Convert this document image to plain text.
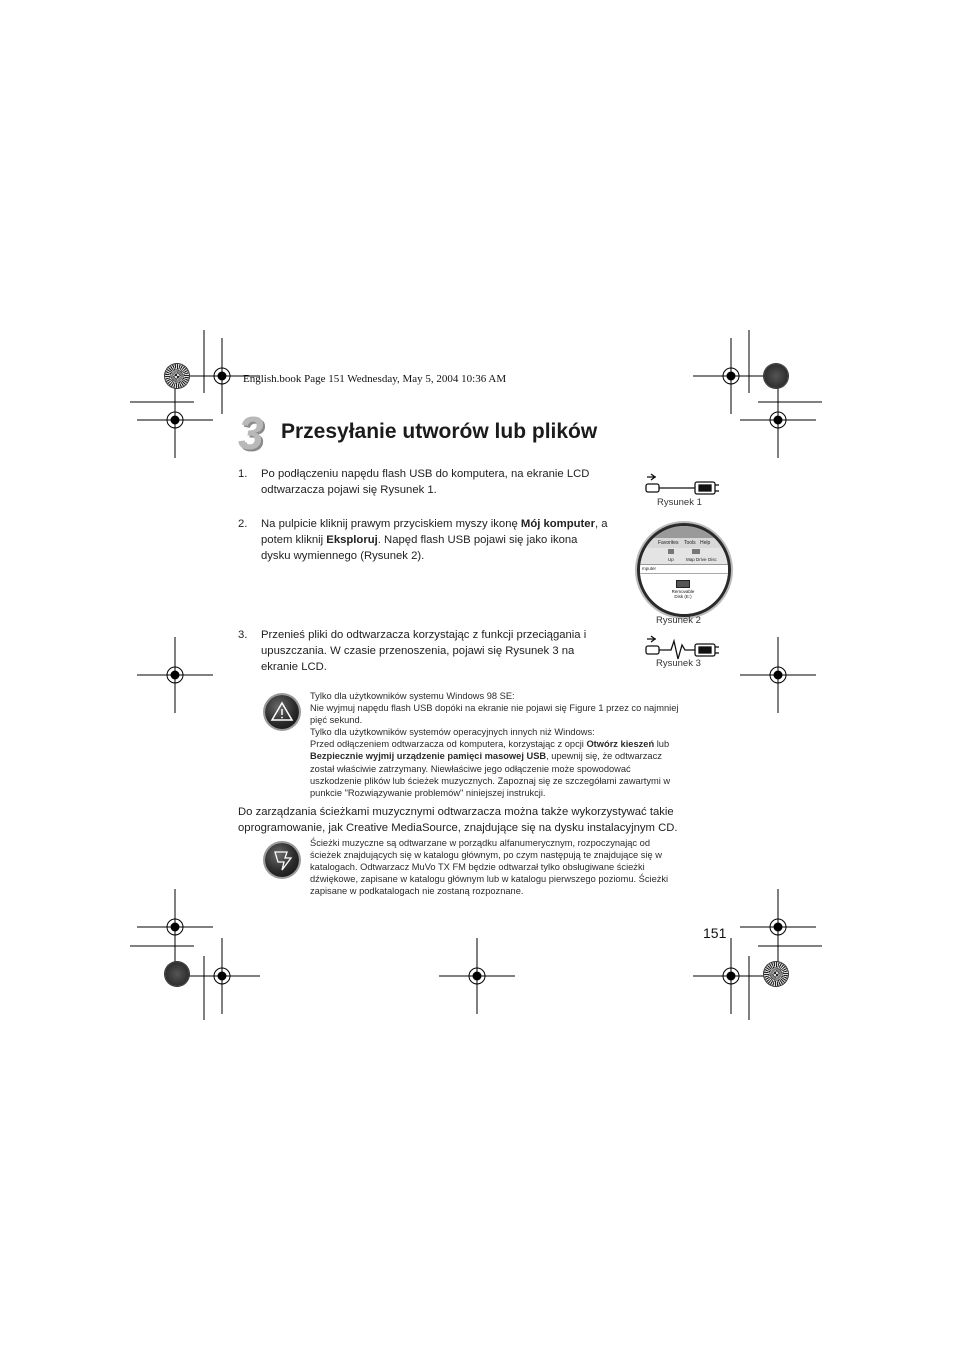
English.book Page 151 Wednesday, May 5, 2004 10:36 AM
3 Przesyłanie utworów lub plików
1. Po podłączeniu napędu flash USB do komputera, na ekranie LCD
odtwarzacza pojawi się Rysunek 1.
2. Na pulpicie kliknij prawym przyciskiem myszy ikonę Mój komputer, a
potem kliknij Eksploruj. Napęd flash USB pojawi się jako ikona
dysku wymiennego (Rysunek 2).
3. Przenieś pliki do odtwarzacza korzystając z funkcji przeciągania i
upuszczania. W czasie przenoszenia, pojawi się Rysunek 3 na
ekranie LCD.
Rysunek 1
Favorites Tools Help
Up	Map Drive Disc
mputer
Removable
Disk (E:)
Rysunek 2
Rysunek 3
Tylko dla użytkowników systemu Windows 98 SE:
Nie wyjmuj napędu flash USB dopóki na ekranie nie pojawi się Figure 1 przez co najmniej
pięć sekund.
Tylko dla użytkowników systemów operacyjnych innych niż Windows:
Przed odłączeniem odtwarzacza od komputera, korzystając z opcji Otwórz kieszeń lub
Bezpiecznie wyjmij urządzenie pamięci masowej USB, upewnij się, że odtwarzacz
został właściwie zatrzymany. Niewłaściwe jego odłączenie może spowodować
uszkodzenie plików lub ścieżek muzycznych. Zapoznaj się ze szczegółami zawartymi w
punkcie "Rozwiązywanie problemów" niniejszej instrukcji.
Do zarządzania ścieżkami muzycznymi odtwarzacza można także wykorzystywać takie
oprogramowanie, jak Creative MediaSource, znajdujące się na dysku instalacyjnym CD.
Ścieżki muzyczne są odtwarzane w porządku alfanumerycznym, rozpoczynając od
ścieżek znajdujących się w katalogu głównym, po czym następują te znajdujące się w
katalogach. Odtwarzacz MuVo TX FM będzie odtwarzał tylko obsługiwane ścieżki
dźwiękowe, zapisane w katalogu głównym lub w katalogu pierwszego poziomu. Ścieżki
zapisane w podkatalogach nie zostaną rozpoznane.
151
